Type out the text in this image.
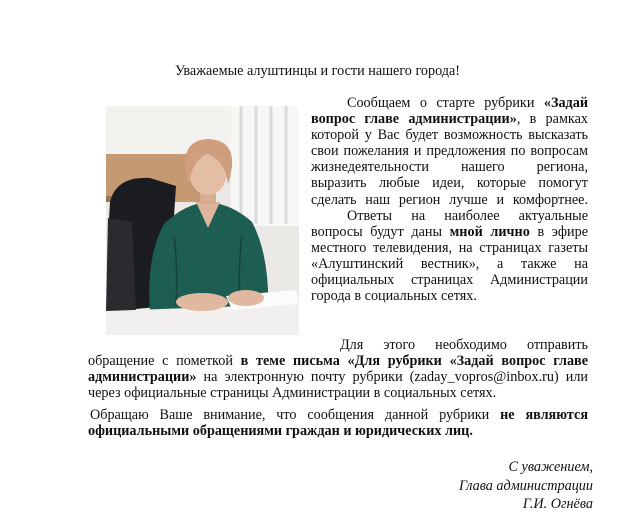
Уважаемые алуштинцы и гости нашего города!

Сообщаем о старте рубрики «Задай вопрос главе администрации», в рамках которой у Вас будет возможность высказать свои пожелания и предложения по вопросам жизнедеятельности нашего региона, выразить любые идеи, которые помогут сделать наш регион лучше и комфортнее.
Ответы на наиболее актуальные вопросы будут даны мной лично в эфире местного телевидения, на страницах газеты «Алуштинский вестник», а также на официальных страницах Администрации города в социальных сетях.
Для этого необходимо отправить обращение с пометкой в теме письма «Для рубрики «Задай вопрос главе администрации» на электронную почту рубрики (zaday_vopros@inbox.ru) или через официальные страницы Администрации в социальных сетях.
Обращаю Ваше внимание, что сообщения данной рубрики не являются официальными обращениями граждан и юридических лиц.
С уважением,
Глава администрации
Г.И. Огнёва
